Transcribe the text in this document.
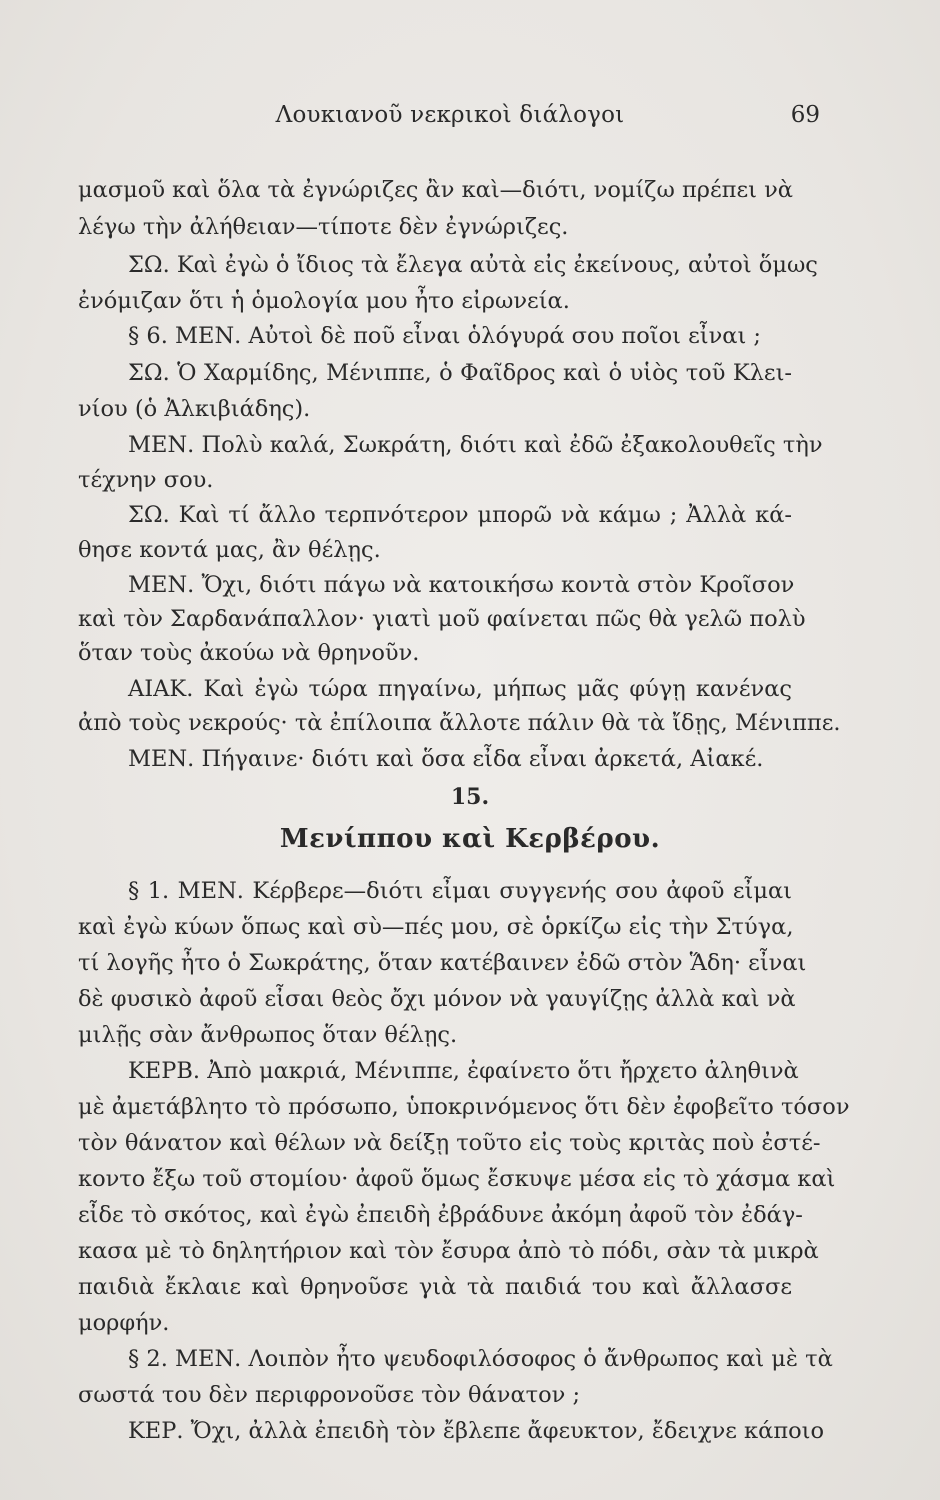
Λουκιανοῦ νεκρικοὶ διάλογοι	69
μασμοῦ καὶ ὅλα τὰ ἐγνώριζες ἂν καὶ—διότι, νομίζω πρέπει νὰ
λέγω τὴν ἀλήθειαν—τίποτε δὲν ἐγνώριζες.
ΣΩ. Καὶ ἐγὼ ὁ ἴδιος τὰ ἔλεγα αὐτὰ εἰς ἐκείνους, αὐτοὶ ὅμως
ἐνόμιζαν ὅτι ἡ ὁμολογία μου ἦτο εἰρωνεία.
§ 6. ΜΕΝ. Αὐτοὶ δὲ ποῦ εἶναι ὁλόγυρά σου ποῖοι εἶναι ;
ΣΩ. Ὁ Χαρμίδης, Μένιππε, ὁ Φαῖδρος καὶ ὁ υἱὸς τοῦ Κλει-
νίου (ὁ Ἀλκιβιάδης).
ΜΕΝ. Πολὺ καλά, Σωκράτη, διότι καὶ ἐδῶ ἐξακολουθεῖς τὴν
τέχνην σου.
ΣΩ. Καὶ τί ἄλλο τερπνότερον μπορῶ νὰ κάμω ; Ἀλλὰ κά-
θησε κοντά μας, ἂν θέλῃς.
ΜΕΝ. Ὄχι, διότι πάγω νὰ κατοικήσω κοντὰ στὸν Κροῖσον
καὶ τὸν Σαρδανάπαλλον· γιατὶ μοῦ φαίνεται πῶς θὰ γελῶ πολὺ
ὅταν τοὺς ἀκούω νὰ θρηνοῦν.
ΑΙΑΚ. Καὶ ἐγὼ τώρα πηγαίνω, μήπως μᾶς φύγῃ κανένας
ἀπὸ τοὺς νεκρούς· τὰ ἐπίλοιπα ἄλλοτε πάλιν θὰ τὰ ἴδῃς, Μένιππε.
ΜΕΝ. Πήγαινε· διότι καὶ ὅσα εἶδα εἶναι ἀρκετά, Αἰακέ.
15.
Μενίππου καὶ Κερβέρου.
§ 1. ΜΕΝ. Κέρβερε—διότι εἶμαι συγγενής σου ἀφοῦ εἶμαι
καὶ ἐγὼ κύων ὅπως καὶ σὺ—πές μου, σὲ ὁρκίζω εἰς τὴν Στύγα,
τί λογῆς ἦτο ὁ Σωκράτης, ὅταν κατέβαινεν ἐδῶ στὸν Ἅδη· εἶναι
δὲ φυσικὸ ἀφοῦ εἶσαι θεὸς ὄχι μόνον νὰ γαυγίζῃς ἀλλὰ καὶ νὰ
μιλῇς σὰν ἄνθρωπος ὅταν θέλῃς.
ΚΕΡΒ. Ἀπὸ μακριά, Μένιππε, ἐφαίνετο ὅτι ἤρχετο ἀληθινὰ
μὲ ἀμετάβλητο τὸ πρόσωπο, ὑποκρινόμενος ὅτι δὲν ἐφοβεῖτο τόσον
τὸν θάνατον καὶ θέλων νὰ δείξῃ τοῦτο εἰς τοὺς κριτὰς ποὺ ἐστέ-
κοντο ἔξω τοῦ στομίου· ἀφοῦ ὅμως ἔσκυψε μέσα εἰς τὸ χάσμα καὶ
εἶδε τὸ σκότος, καὶ ἐγὼ ἐπειδὴ ἐβράδυνε ἀκόμη ἀφοῦ τὸν ἐδάγ-
κασα μὲ τὸ δηλητήριον καὶ τὸν ἔσυρα ἀπὸ τὸ πόδι, σὰν τὰ μικρὰ
παιδιὰ ἔκλαιε καὶ θρηνοῦσε γιὰ τὰ παιδιά του καὶ ἄλλασσε
μορφήν.
§ 2. ΜΕΝ. Λοιπὸν ἦτο ψευδοφιλόσοφος ὁ ἄνθρωπος καὶ μὲ τὰ
σωστά του δὲν περιφρονοῦσε τὸν θάνατον ;
ΚΕΡ. Ὄχι, ἀλλὰ ἐπειδὴ τὸν ἔβλεπε ἄφευκτον, ἔδειχνε κάποιο
